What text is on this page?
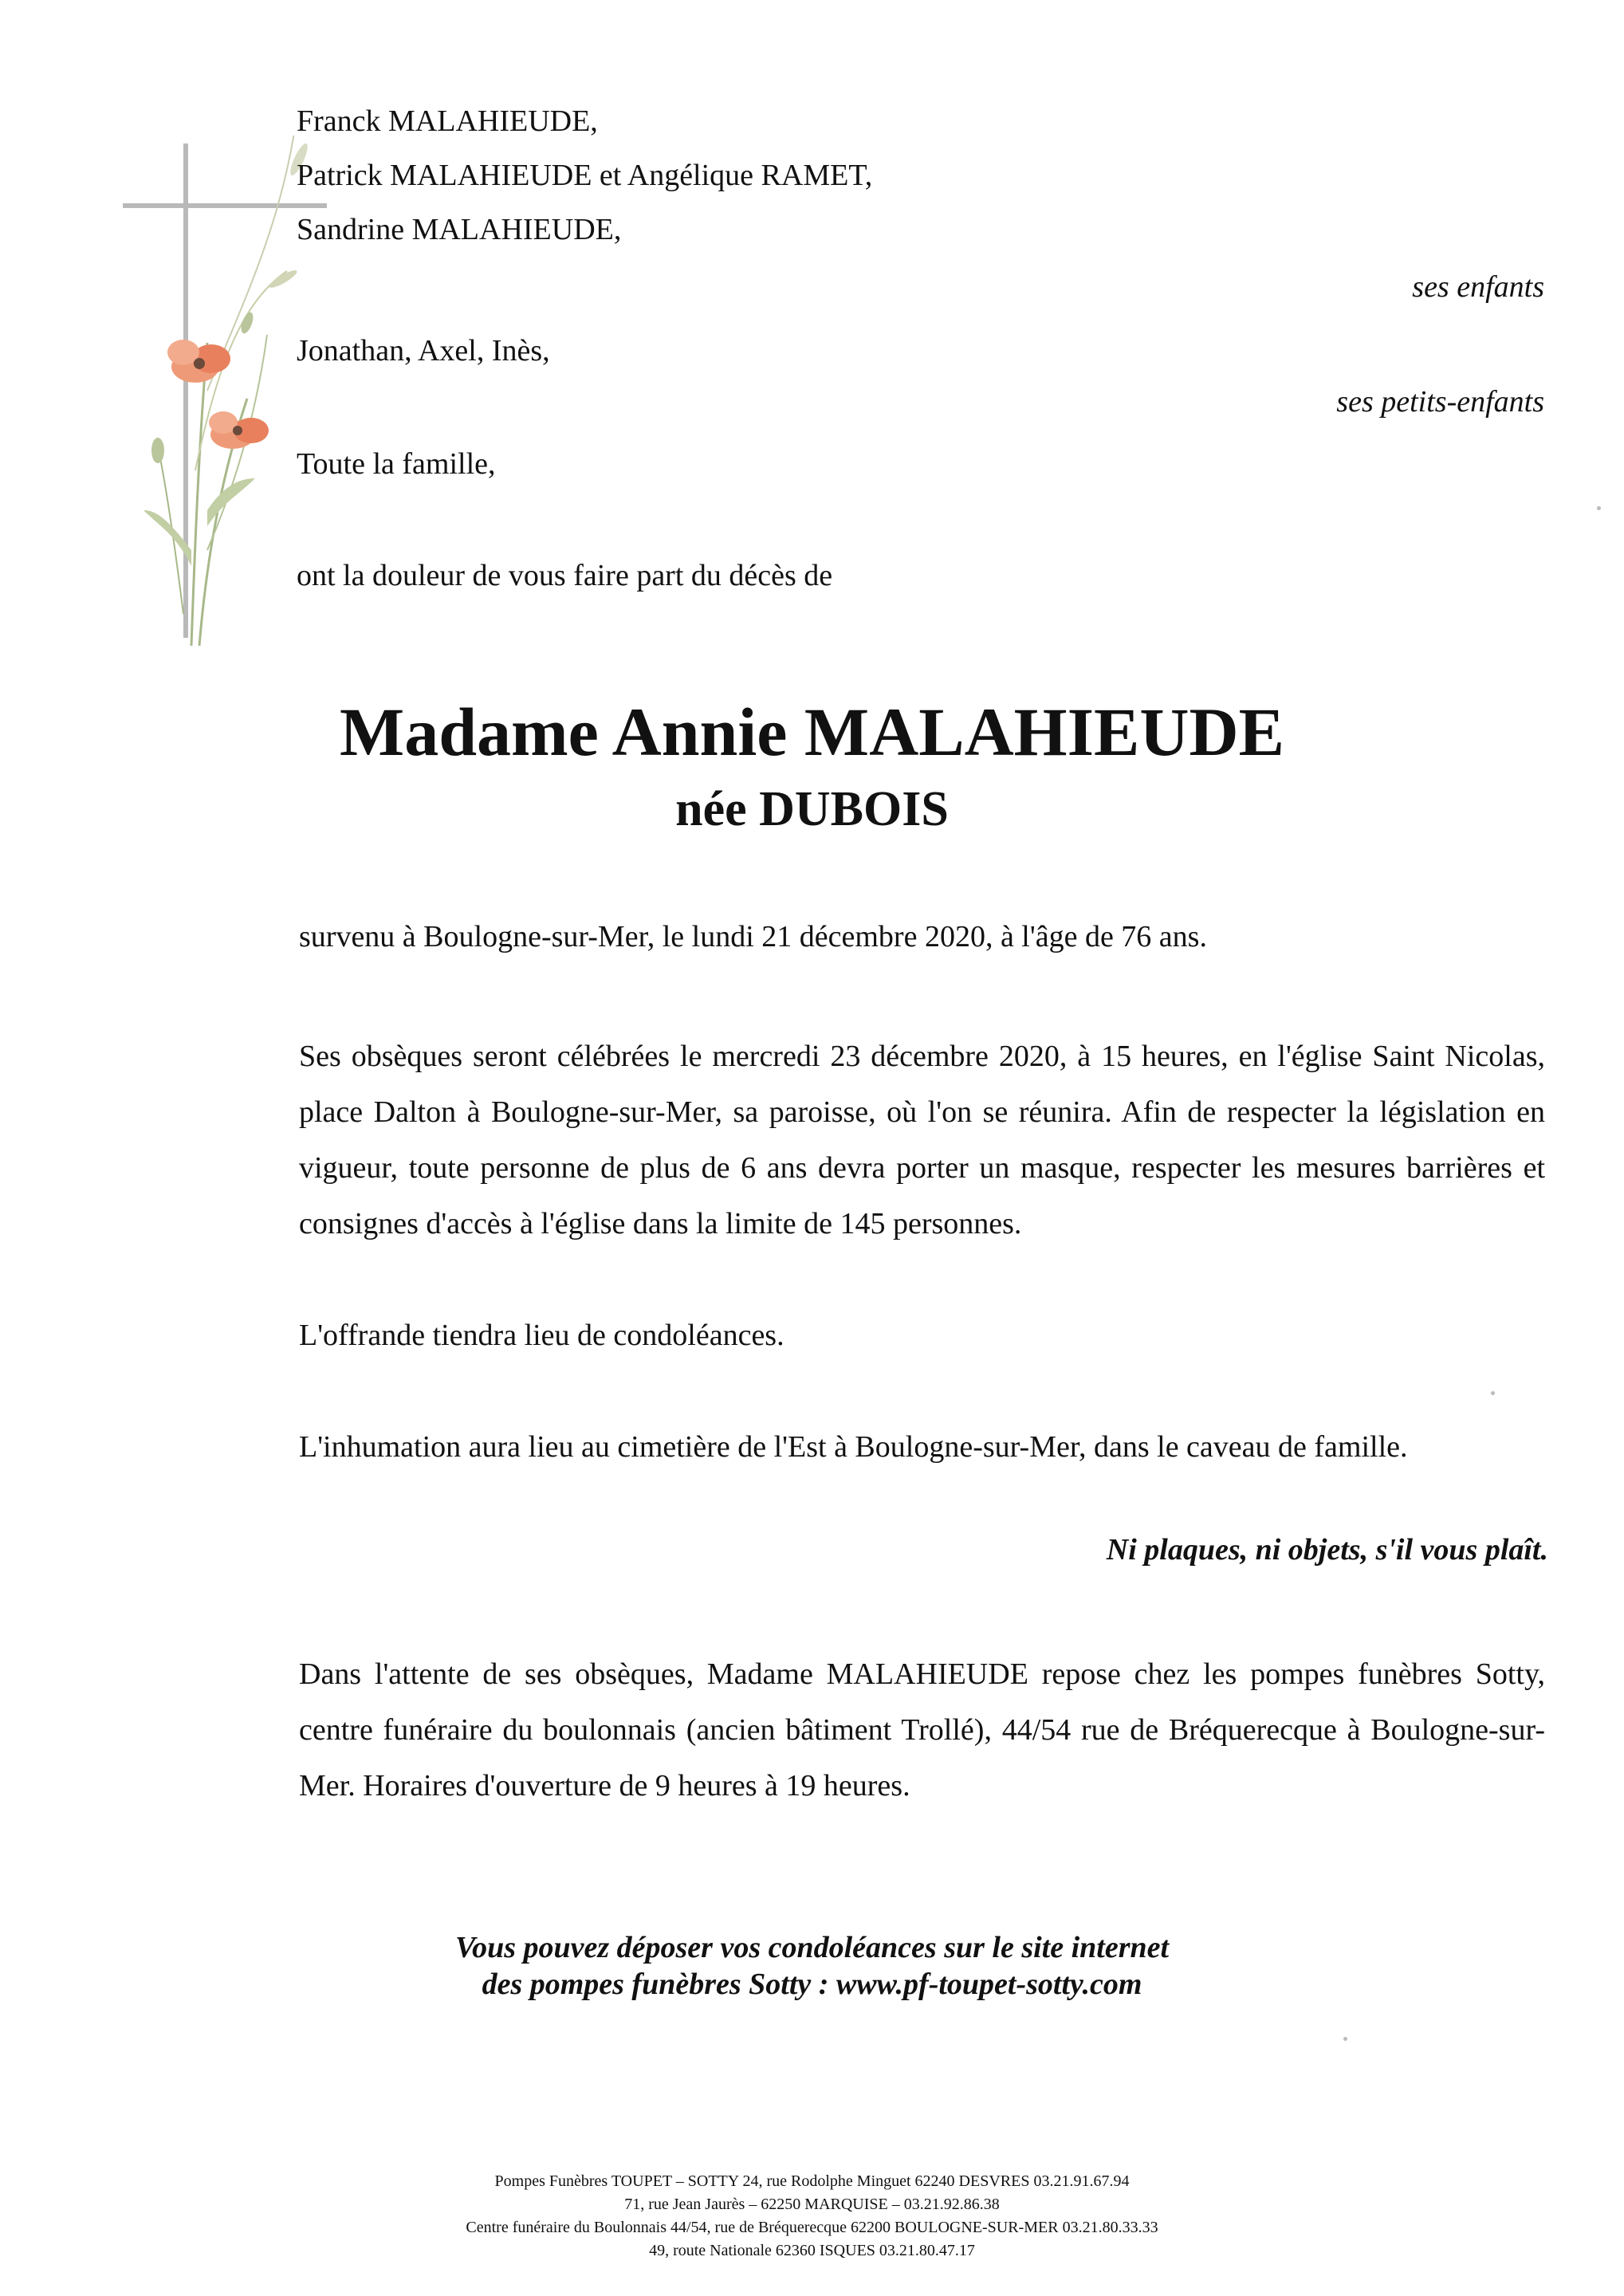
Franck MALAHIEUDE,
Patrick MALAHIEUDE et Angélique RAMET,
Sandrine MALAHIEUDE,
ses enfants
Jonathan, Axel, Inès,
ses petits-enfants
Toute la famille,
ont la douleur de vous faire part du décès de
Madame Annie MALAHIEUDE
née DUBOIS
survenu à Boulogne-sur-Mer, le lundi 21 décembre 2020, à l'âge de 76 ans.
Ses obsèques seront célébrées le mercredi 23 décembre 2020, à 15 heures, en l'église Saint Nicolas, place Dalton à Boulogne-sur-Mer, sa paroisse, où l'on se réunira. Afin de respecter la législation en vigueur, toute personne de plus de 6 ans devra porter un masque, respecter les mesures barrières et consignes d'accès à l'église dans la limite de 145 personnes.
L'offrande tiendra lieu de condoléances.
L'inhumation aura lieu au cimetière de l'Est à Boulogne-sur-Mer, dans le caveau de famille.
Ni plaques, ni objets, s'il vous plaît.
Dans l'attente de ses obsèques, Madame MALAHIEUDE repose chez les pompes funèbres Sotty, centre funéraire du boulonnais (ancien bâtiment Trollé), 44/54 rue de Bréquerecque à Boulogne-sur-Mer. Horaires d'ouverture de 9 heures à 19 heures.
Vous pouvez déposer vos condoléances sur le site internet
des pompes funèbres Sotty : www.pf-toupet-sotty.com
Pompes Funèbres TOUPET – SOTTY 24, rue Rodolphe Minguet 62240 DESVRES 03.21.91.67.94
71, rue Jean Jaurès – 62250 MARQUISE – 03.21.92.86.38
Centre funéraire du Boulonnais 44/54, rue de Bréquerecque 62200 BOULOGNE-SUR-MER 03.21.80.33.33
49, route Nationale 62360 ISQUES 03.21.80.47.17
